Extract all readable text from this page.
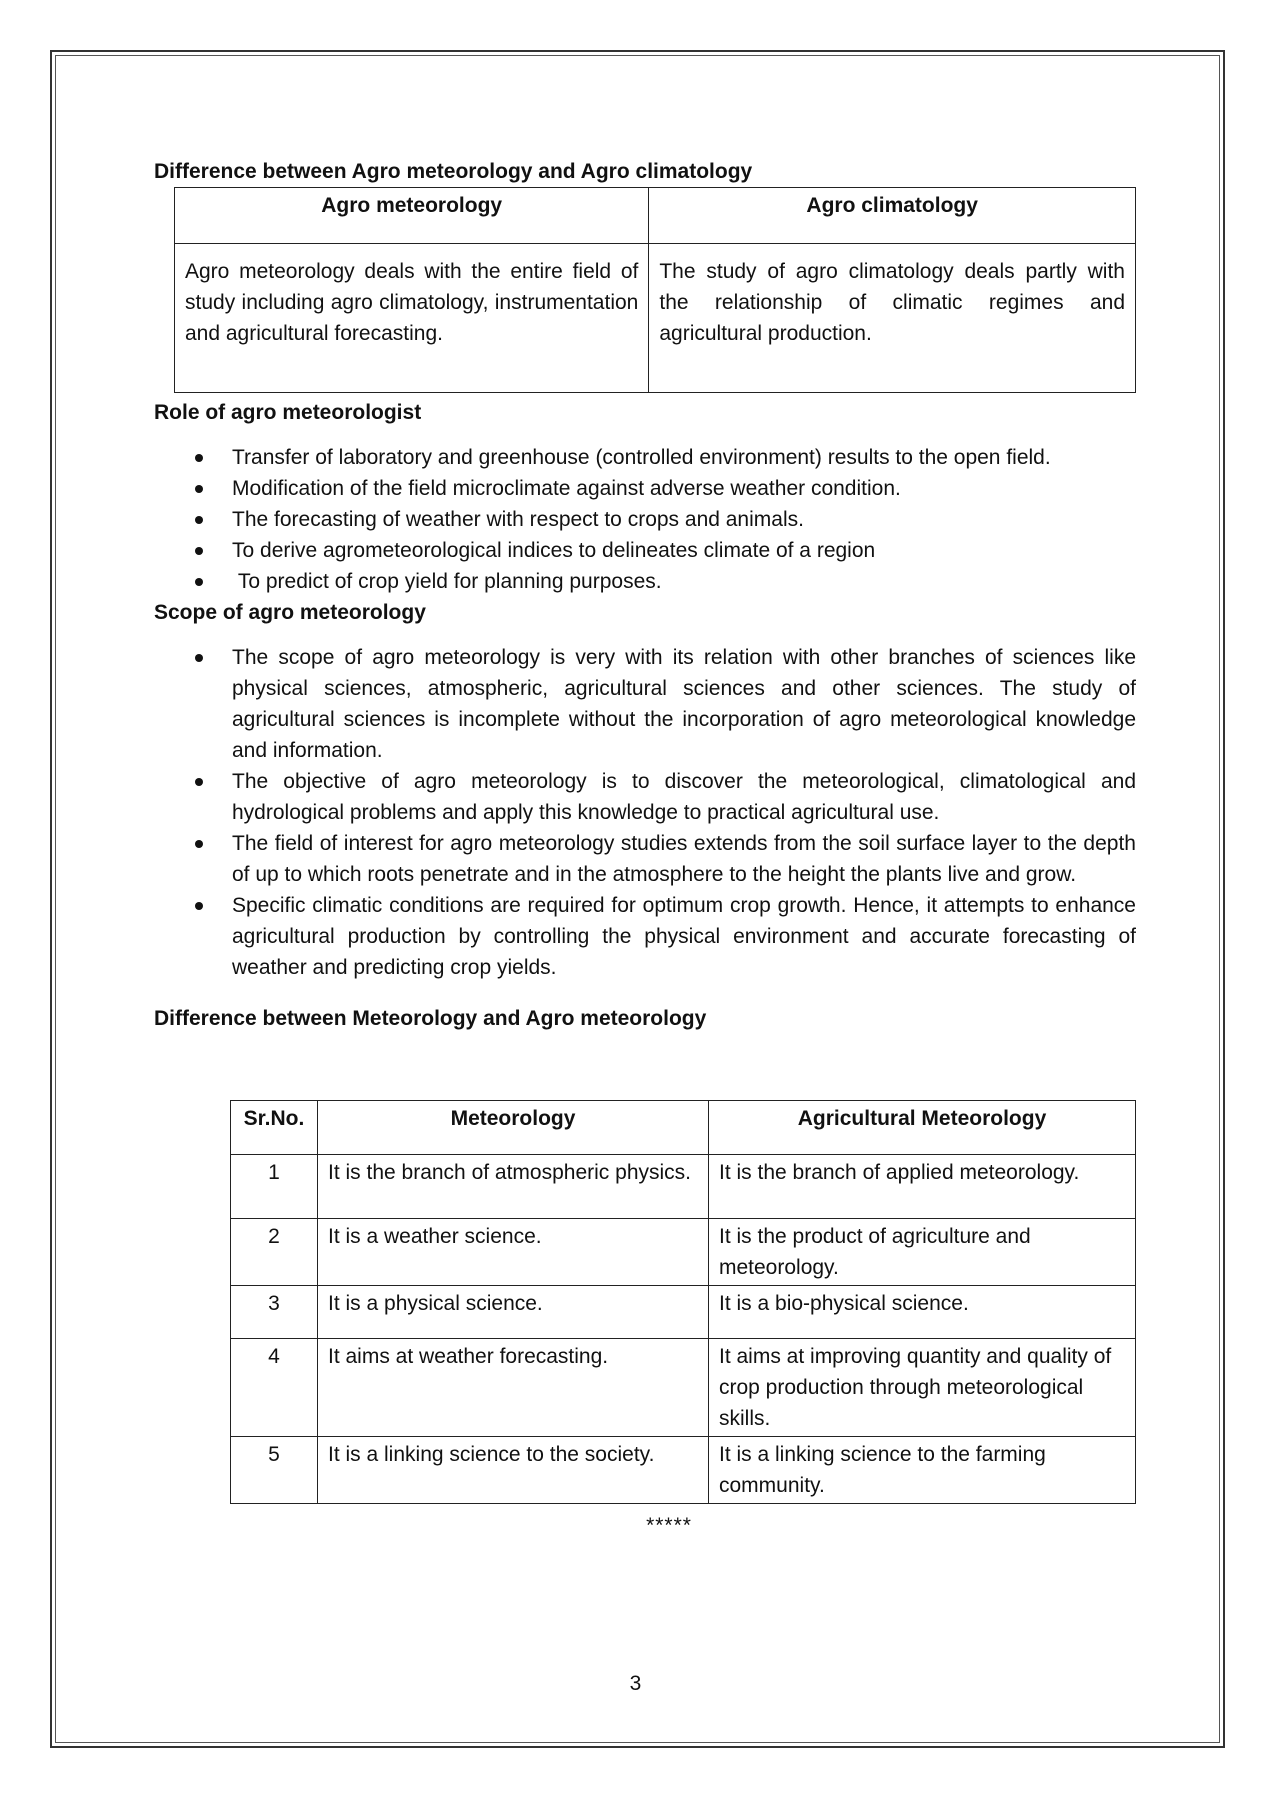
Difference between Agro meteorology and Agro climatology
Agro meteorology	Agro climatology
Agro meteorology deals with the entire field of study including agro climatology, instrumentation and agricultural forecasting.	The study of agro climatology deals partly with the relationship of climatic regimes and agricultural production.
Role of agro meteorologist
Transfer of laboratory and greenhouse (controlled environment) results to the open field.
Modification of the field microclimate against adverse weather condition.
The forecasting of weather with respect to crops and animals.
To derive agrometeorological indices to delineates climate of a region
To predict of crop yield for planning purposes.
Scope of agro meteorology
The scope of agro meteorology is very with its relation with other branches of sciences like physical sciences, atmospheric, agricultural sciences and other sciences. The study of agricultural sciences is incomplete without the incorporation of agro meteorological knowledge and information.
The objective of agro meteorology is to discover the meteorological, climatological and hydrological problems and apply this knowledge to practical agricultural use.
The field of interest for agro meteorology studies extends from the soil surface layer to the depth of up to which roots penetrate and in the atmosphere to the height the plants live and grow.
Specific climatic conditions are required for optimum crop growth. Hence, it attempts to enhance agricultural production by controlling the physical environment and accurate forecasting of weather and predicting crop yields.
Difference between Meteorology and Agro meteorology
Sr.No.	Meteorology	Agricultural Meteorology
1	It is the branch of atmospheric physics.	It is the branch of applied meteorology.
2	It is a weather science.	It is the product of agriculture and meteorology.
3	It is a physical science.	It is a bio-physical science.
4	It aims at weather forecasting.	It aims at improving quantity and quality of crop production through meteorological skills.
5	It is a linking science to the society.	It is a linking science to the farming community.
*****
3
